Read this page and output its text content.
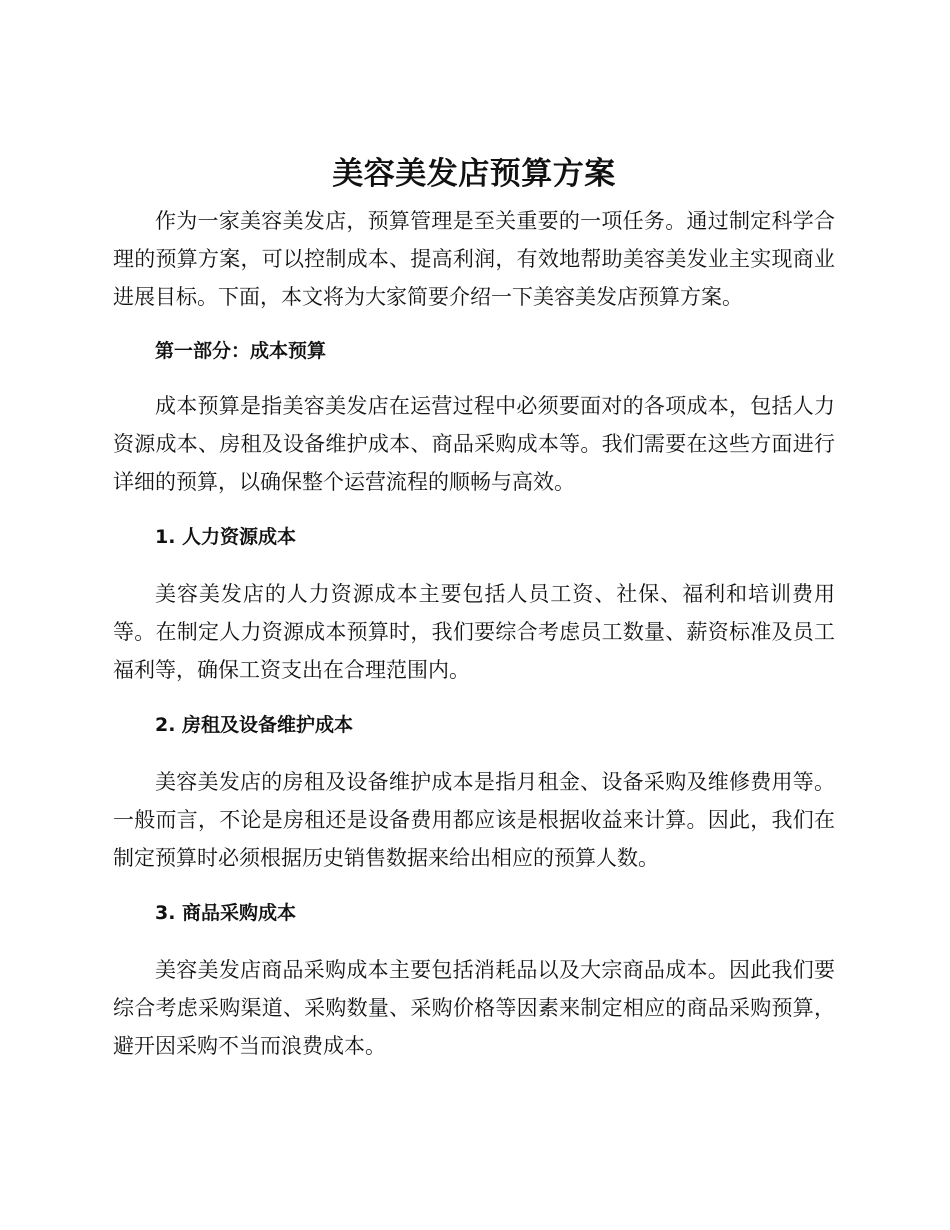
美容美发店预算方案

作为一家美容美发店，预算管理是至关重要的一项任务。通过制定科学合理的预算方案，可以控制成本、提高利润，有效地帮助美容美发业主实现商业进展目标。下面，本文将为大家简要介绍一下美容美发店预算方案。

第一部分：成本预算

成本预算是指美容美发店在运营过程中必须要面对的各项成本，包括人力资源成本、房租及设备维护成本、商品采购成本等。我们需要在这些方面进行详细的预算，以确保整个运营流程的顺畅与高效。

1. 人力资源成本

美容美发店的人力资源成本主要包括人员工资、社保、福利和培训费用等。在制定人力资源成本预算时，我们要综合考虑员工数量、薪资标准及员工福利等，确保工资支出在合理范围内。

2. 房租及设备维护成本

美容美发店的房租及设备维护成本是指月租金、设备采购及维修费用等。一般而言，不论是房租还是设备费用都应该是根据收益来计算。因此，我们在制定预算时必须根据历史销售数据来给出相应的预算人数。

3. 商品采购成本

美容美发店商品采购成本主要包括消耗品以及大宗商品成本。因此我们要综合考虑采购渠道、采购数量、采购价格等因素来制定相应的商品采购预算，避开因采购不当而浪费成本。
